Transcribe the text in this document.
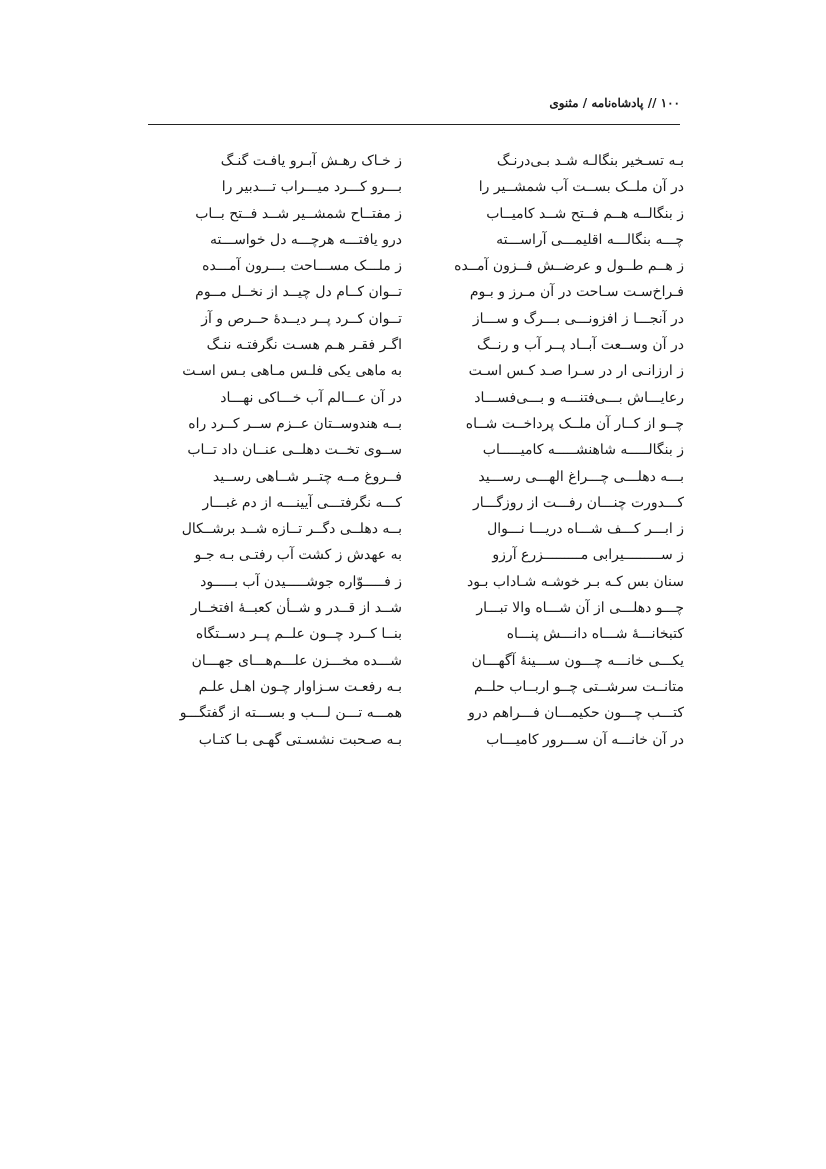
۱۰۰ // پادشاه‌نامه / مثنوی
بـه تسـخیر بنگالـه شـد بـی‌درنـگ
ز خـاک رهـش آبـرو یافـت گنـگ
در آن ملــک بســت آب شمشــیر را
بـــرو کـــرد میـــراب تـــدبیر را
ز بنگالــه هــم فــتح شــد کامیــاب
ز مفتــاح شمشــیر شــد فــتح بــاب
چـــه بنگالـــه اقلیمـــی آراســـته
درو یافتـــه هرچـــه دل خواســـته
ز هــم طــول و عرضــش فــزون آمــده
ز ملـــک مســـاحت بـــرون آمـــده
فـراخ‌سـت سـاحت در آن مـرز و بـوم
تــوان کــام دل چیــد از نخــل مــوم
در آنجـــا ز افزونـــی بـــرگ و ســـاز
تــوان کــرد پــر دیــدۀ حــرص و آز
در آن وســعت آبــاد پــر آب و رنــگ
اگـر فقـر هـم هسـت نگرفتـه ننـگ
ز ارزانـی ار در سـرا صـد کـس اسـت
به ماهی یکی فلـس مـاهی بـس اسـت
رعایـــاش بـــی‌فتنـــه و بـــی‌فســـاد
در آن عـــالم آب خـــاکی نهـــاد
چــو از کــار آن ملــک پرداخــت شــاه
بــه هندوســتان عــزم ســر کــرد راه
ز بنگالـــــه شاهنشـــــه کامیـــــاب
ســوی تخــت دهلــی عنــان داد تــاب
بـــه دهلـــی چـــراغ الهـــی رســـید
فــروغ مــه چتــر شــاهی رســید
کـــدورت چنـــان رفـــت از روزگـــار
کـــه نگرفتـــی آیینـــه از دم غبـــار
ز ابـــر کـــف شـــاه دریـــا نـــوال
بــه دهلــی دگــر تــازه شــد برشــکال
ز ســـــــــیرابی مـــــــــزرع آرزو
به عهدش ز کشت آب رفتـی بـه جـو
سنان بس کـه بـر خوشـه شـاداب بـود
ز فـــــوّاره جوشـــــیدن آب بـــــود
چـــو دهلـــی از آن شـــاه والا تبـــار
شــد از قــدر و شــأن کعبــۀ افتخــار
کتبخانـــۀ شـــاه دانـــش پنـــاه
بنــا کــرد چــون علــم پــر دســتگاه
یکـــی خانـــه چـــون ســـینۀ آگهـــان
شـــده مخـــزن علـــم‌هـــای جهـــان
متانــت سرشــتی چــو اربــاب حلــم
بـه رفعـت سـزاوار چـون اهـل علـم
کتـــب چـــون حکیمـــان فـــراهم درو
همـــه تـــن لـــب و بســـته از گفتگـــو
در آن خانـــه آن ســـرور کامیـــاب
بـه صـحبت نشسـتی گهـی بـا کتـاب
